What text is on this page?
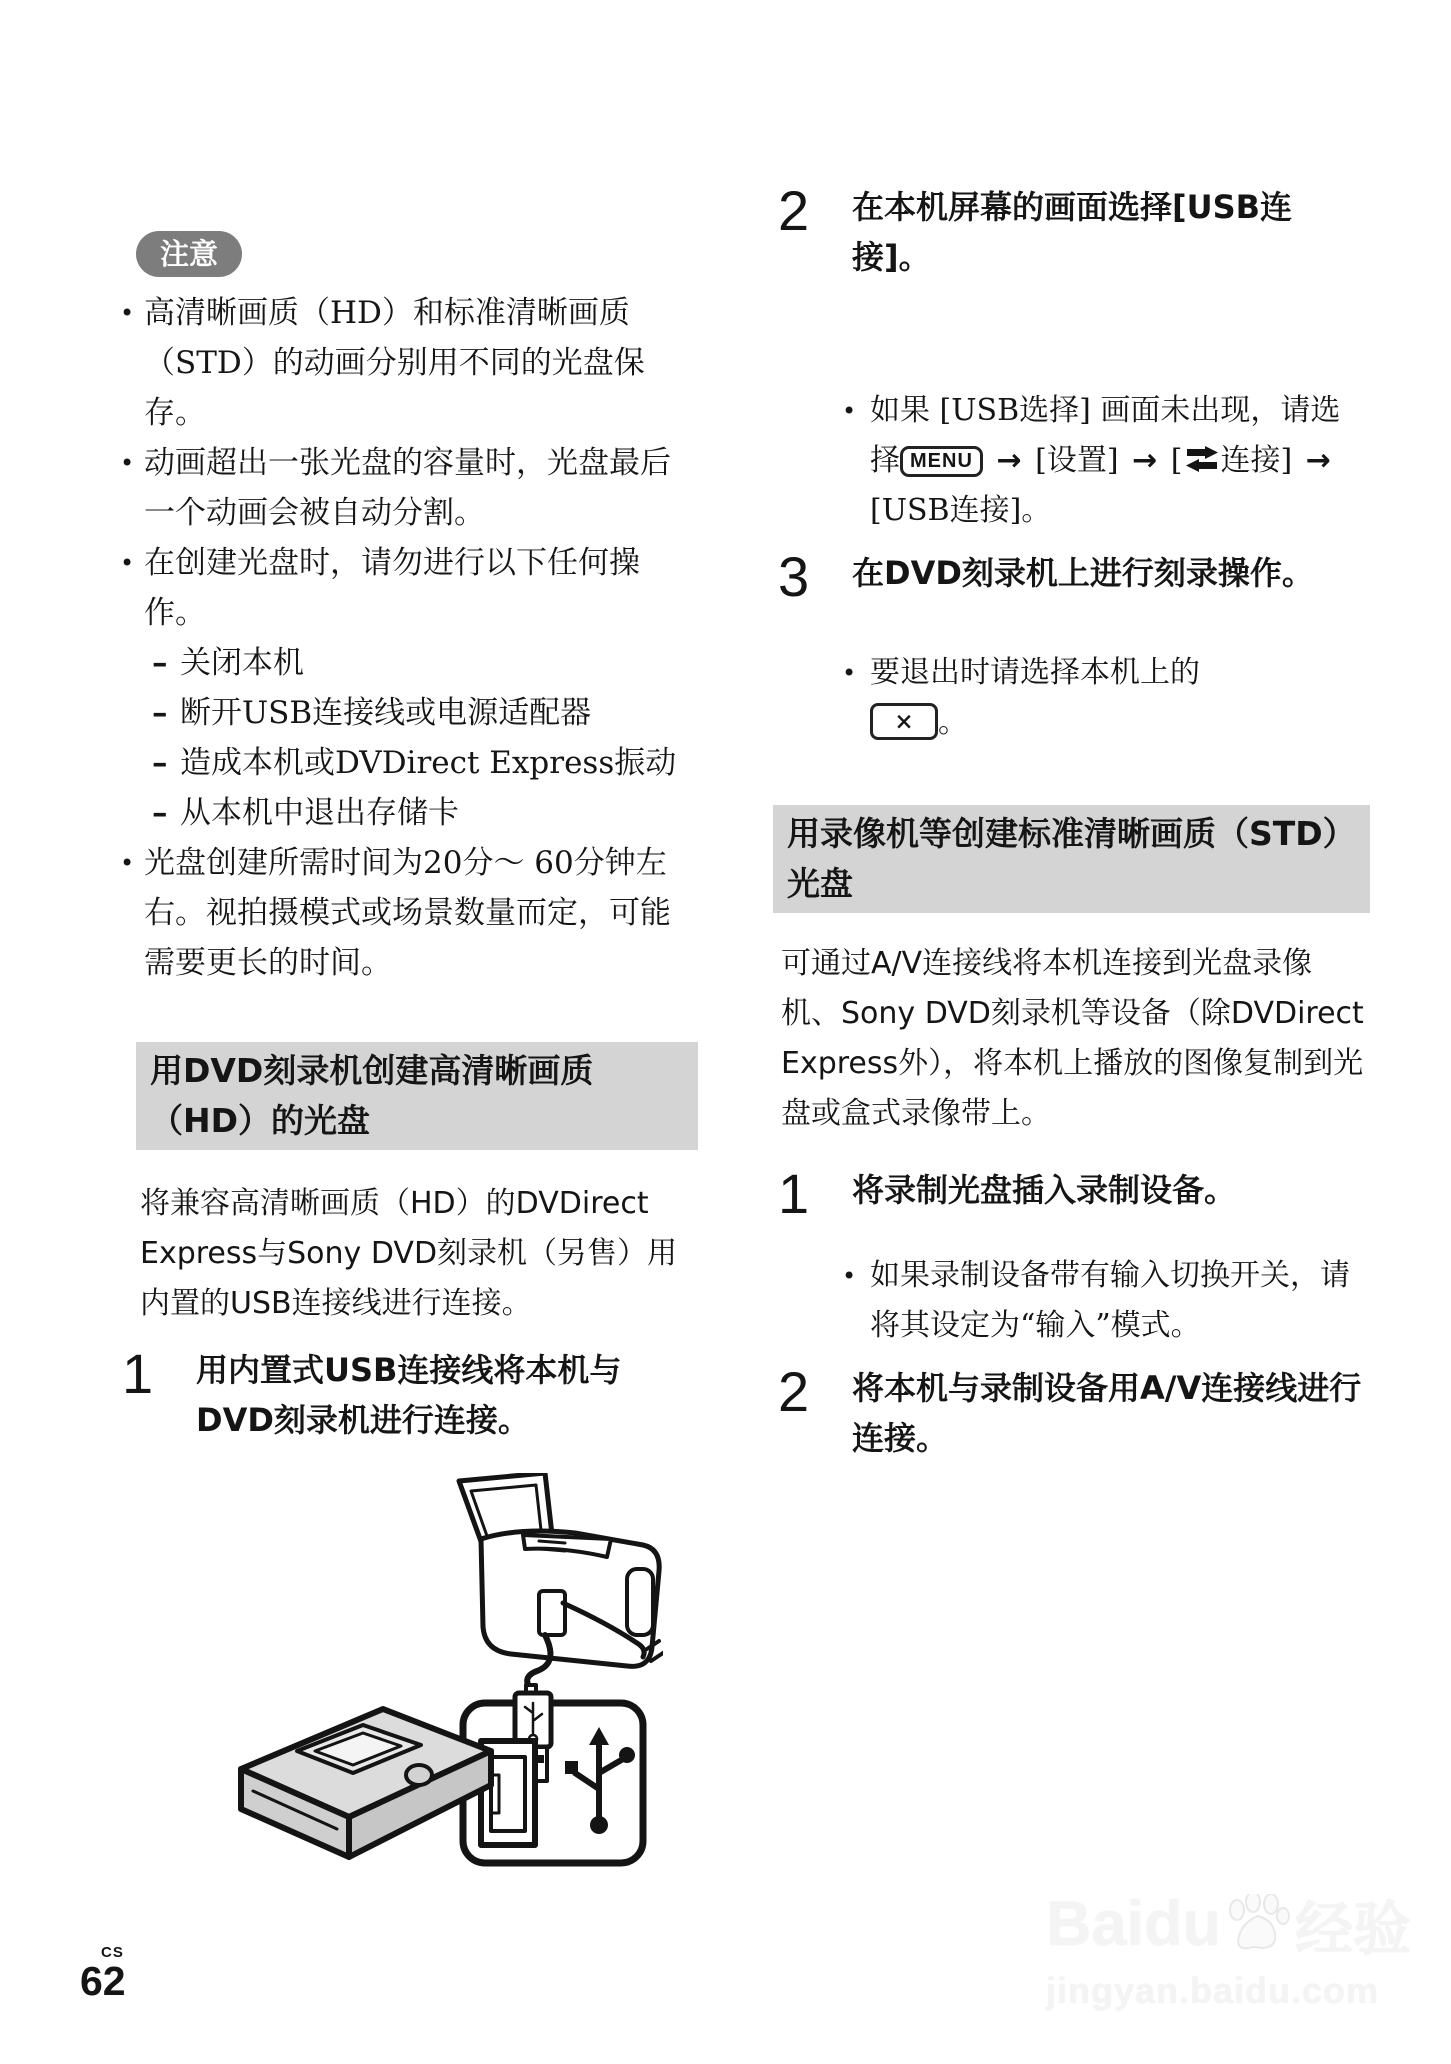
注意
• 高清晰画质（HD）和标准清晰画质（STD）的动画分别用不同的光盘保存。
• 动画超出一张光盘的容量时，光盘最后一个动画会被自动分割。
• 在创建光盘时，请勿进行以下任何操作。
– 关闭本机
– 断开USB连接线或电源适配器
– 造成本机或DVDirect Express振动
– 从本机中退出存储卡
• 光盘创建所需时间为20分～ 60分钟左右。视拍摄模式或场景数量而定，可能需要更长的时间。
用DVD刻录机创建高清晰画质（HD）的光盘

将兼容高清晰画质（HD）的DVDirect Express与Sony DVD刻录机（另售）用内置的USB连接线进行连接。

1	用内置式USB连接线将本机与DVD刻录机进行连接。
2	在本机屏幕的画面选择[USB连接]。
• 如果 [USB选择] 画面未出现，请选择 MENU → [设置] → [ 连接] → [USB连接]。
3	在DVD刻录机上进行刻录操作。
• 要退出时请选择本机上的
× 。
用录像机等创建标准清晰画质（STD）光盘

可通过A/V连接线将本机连接到光盘录像机、Sony DVD刻录机等设备（除DVDirect Express外），将本机上播放的图像复制到光盘或盒式录像带上。

1	将录制光盘插入录制设备。
• 如果录制设备带有输入切换开关，请将其设定为“输入”模式。
2	将本机与录制设备用A/V连接线进行连接。
CS
62
Baidu 经验
jingyan.baidu.com
